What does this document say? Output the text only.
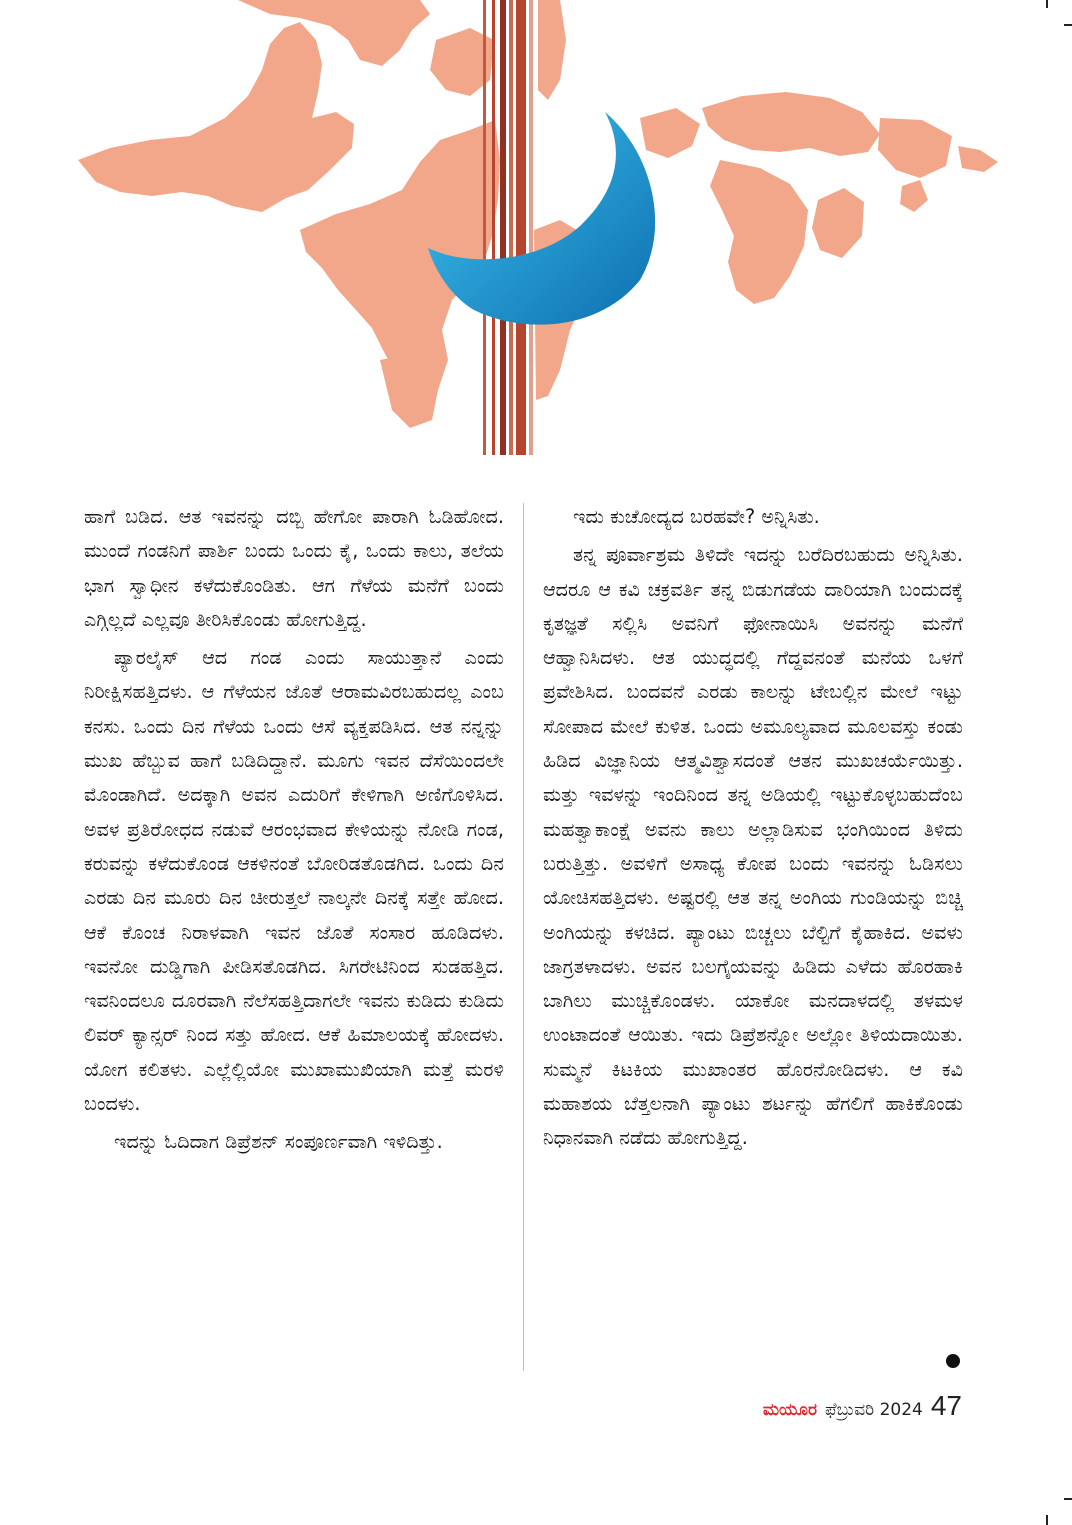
ಹಾಗೆ ಬಡಿದ. ಆತ ಇವನನ್ನು ದಬ್ಬಿ ಹೇಗೋ ಪಾರಾಗಿ ಓಡಿಹೋದ. ಮುಂದೆ ಗಂಡನಿಗೆ ಪಾರ್ಶಿ ಬಂದು ಒಂದು ಕೈ, ಒಂದು ಕಾಲು, ತಲೆಯ ಭಾಗ ಸ್ವಾಧೀನ ಕಳೆದುಕೊಂಡಿತು. ಆಗ ಗೆಳೆಯ ಮನೆಗೆ ಬಂದು ಎಗ್ಗಿಲ್ಲದೆ ಎಲ್ಲವೂ ತೀರಿಸಿಕೊಂಡು ಹೋಗುತ್ತಿದ್ದ.

ಪ್ಯಾರಲೈಸ್ ಆದ ಗಂಡ ಎಂದು ಸಾಯುತ್ತಾನೆ ಎಂದು ನಿರೀಕ್ಷಿಸಹತ್ತಿದಳು. ಆ ಗೆಳೆಯನ ಜೊತೆ ಆರಾಮವಿರಬಹುದಲ್ಲ ಎಂಬ ಕನಸು. ಒಂದು ದಿನ ಗೆಳೆಯ ಒಂದು ಆಸೆ ವ್ಯಕ್ತಪಡಿಸಿದ. ಆತ ನನ್ನನ್ನು ಮುಖ ಹೆಬ್ಬುವ ಹಾಗೆ ಬಡಿದಿದ್ದಾನೆ. ಮೂಗು ಇವನ ದೆಸೆಯಿಂದಲೇ ಮೊಂಡಾಗಿದೆ. ಅದಕ್ಕಾಗಿ ಅವನ ಎದುರಿಗೆ ಕೇಳಿಗಾಗಿ ಅಣಿಗೊಳಿಸಿದ. ಅವಳ ಪ್ರತಿರೋಧದ ನಡುವೆ ಆರಂಭವಾದ ಕೇಳಿಯನ್ನು ನೋಡಿ ಗಂಡ, ಕರುವನ್ನು ಕಳೆದುಕೊಂಡ ಆಕಳಿನಂತೆ ಬೋರಿಡತೊಡಗಿದ. ಒಂದು ದಿನ ಎರಡು ದಿನ ಮೂರು ದಿನ ಚೀರುತ್ತಲೆ ನಾಲ್ಕನೇ ದಿನಕ್ಕೆ ಸತ್ತೇ ಹೋದ. ಆಕೆ ಕೊಂಚ ನಿರಾಳವಾಗಿ ಇವನ ಜೊತೆ ಸಂಸಾರ ಹೂಡಿದಳು. ಇವನೋ ದುಡ್ಡಿಗಾಗಿ ಪೀಡಿಸತೊಡಗಿದ. ಸಿಗರೇಟಿನಿಂದ ಸುಡಹತ್ತಿದ. ಇವನಿಂದಲೂ ದೂರವಾಗಿ ನೆಲೆಸಹತ್ತಿದಾಗಲೇ ಇವನು ಕುಡಿದು ಕುಡಿದು ಲಿವರ್ ಕ್ಯಾನ್ಸರ್ ನಿಂದ ಸತ್ತು ಹೋದ. ಆಕೆ ಹಿಮಾಲಯಕ್ಕೆ ಹೋದಳು. ಯೋಗ ಕಲಿತಳು. ಎಲ್ಲೆಲ್ಲಿಯೋ ಮುಖಾಮುಖಿಯಾಗಿ ಮತ್ತೆ ಮರಳಿ ಬಂದಳು.

ಇದನ್ನು ಓದಿದಾಗ ಡಿಪ್ರೆಶನ್ ಸಂಪೂರ್ಣವಾಗಿ ಇಳಿದಿತ್ತು.

ಇದು ಕುಚೋದ್ಯದ ಬರಹವೇ? ಅನ್ನಿಸಿತು.

ತನ್ನ ಪೂರ್ವಾಶ್ರಮ ತಿಳಿದೇ ಇದನ್ನು ಬರೆದಿರಬಹುದು ಅನ್ನಿಸಿತು. ಆದರೂ ಆ ಕವಿ ಚಕ್ರವರ್ತಿ ತನ್ನ ಬಿಡುಗಡೆಯ ದಾರಿಯಾಗಿ ಬಂದುದಕ್ಕೆ ಕೃತಜ್ಞತೆ ಸಲ್ಲಿಸಿ ಅವನಿಗೆ ಫೋನಾಯಿಸಿ ಅವನನ್ನು ಮನೆಗೆ ಆಹ್ವಾನಿಸಿದಳು. ಆತ ಯುದ್ಧದಲ್ಲಿ ಗೆದ್ದವನಂತೆ ಮನೆಯ ಒಳಗೆ ಪ್ರವೇಶಿಸಿದ. ಬಂದವನೆ ಎರಡು ಕಾಲನ್ನು ಟೇಬಲ್ಲಿನ ಮೇಲೆ ಇಟ್ಟು ಸೋಪಾದ ಮೇಲೆ ಕುಳಿತ. ಒಂದು ಅಮೂಲ್ಯವಾದ ಮೂಲವಸ್ತು ಕಂಡು ಹಿಡಿದ ವಿಜ್ಞಾನಿಯ ಆತ್ಮವಿಶ್ವಾಸದಂತೆ ಆತನ ಮುಖಚರ್ಯೆಯಿತ್ತು. ಮತ್ತು ಇವಳನ್ನು ಇಂದಿನಿಂದ ತನ್ನ ಅಡಿಯಲ್ಲಿ ಇಟ್ಟುಕೊಳ್ಳಬಹುದೆಂಬ ಮಹತ್ವಾಕಾಂಕ್ಷೆ ಅವನು ಕಾಲು ಅಲ್ಲಾಡಿಸುವ ಭಂಗಿಯಿಂದ ತಿಳಿದು ಬರುತ್ತಿತ್ತು. ಅವಳಿಗೆ ಅಸಾಧ್ಯ ಕೋಪ ಬಂದು ಇವನನ್ನು ಓಡಿಸಲು ಯೋಚಿಸಹತ್ತಿದಳು. ಅಷ್ಟರಲ್ಲಿ ಆತ ತನ್ನ ಅಂಗಿಯ ಗುಂಡಿಯನ್ನು ಬಿಚ್ಚಿ ಅಂಗಿಯನ್ನು ಕಳಚಿದ. ಪ್ಯಾಂಟು ಬಿಚ್ಚಲು ಬೆಲ್ಟಿಗೆ ಕೈಹಾಕಿದ. ಅವಳು ಜಾಗ್ರತಳಾದಳು. ಅವನ ಬಲಗೈಯವನ್ನು ಹಿಡಿದು ಎಳೆದು ಹೊರಹಾಕಿ ಬಾಗಿಲು ಮುಚ್ಚಿಕೊಂಡಳು. ಯಾಕೋ ಮನದಾಳದಲ್ಲಿ ತಳಮಳ ಉಂಟಾದಂತೆ ಆಯಿತು. ಇದು ಡಿಪ್ರೆಶನ್ನೋ ಅಲ್ಲೋ ತಿಳಿಯದಾಯಿತು. ಸುಮ್ಮನೆ ಕಿಟಕಿಯ ಮುಖಾಂತರ ಹೊರನೋಡಿದಳು. ಆ ಕವಿ ಮಹಾಶಯ ಬೆತ್ತಲನಾಗಿ ಪ್ಯಾಂಟು ಶರ್ಟನ್ನು ಹೆಗಲಿಗೆ ಹಾಕಿಕೊಂಡು ನಿಧಾನವಾಗಿ ನಡೆದು ಹೋಗುತ್ತಿದ್ದ.

ಮಯೂರ ಫೆಬ್ರುವರಿ 2024 47
